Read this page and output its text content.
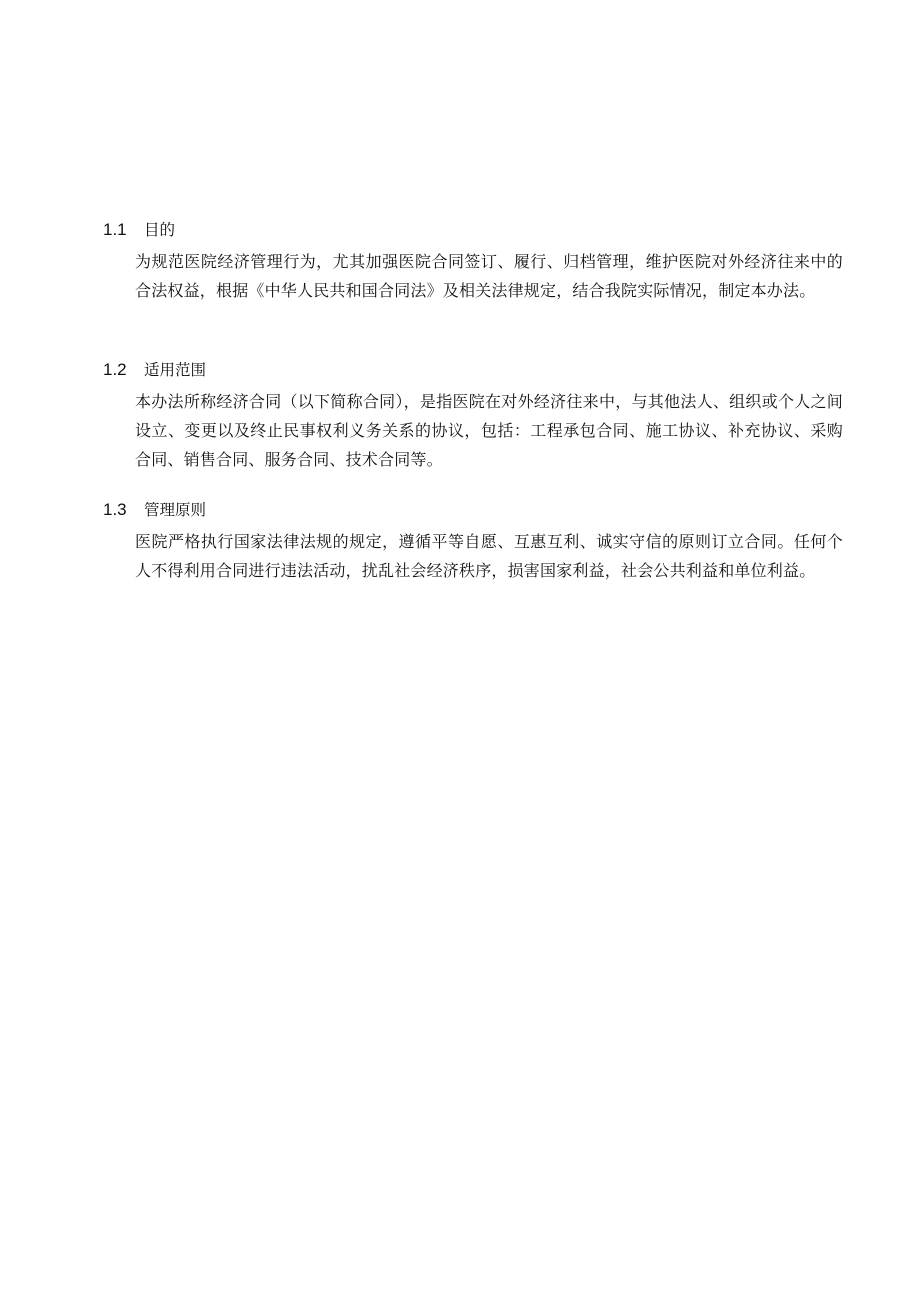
1.1	目的
为规范医院经济管理行为，尤其加强医院合同签订、履行、归档管理，维护医院对外经济往来中的合法权益，根据《中华人民共和国合同法》及相关法律规定，结合我院实际情况，制定本办法。
1.2	适用范围
本办法所称经济合同（以下简称合同），是指医院在对外经济往来中，与其他法人、组织或个人之间设立、变更以及终止民事权利义务关系的协议，包括：工程承包合同、施工协议、补充协议、采购合同、销售合同、服务合同、技术合同等。
1.3	管理原则
医院严格执行国家法律法规的规定，遵循平等自愿、互惠互利、诚实守信的原则订立合同。任何个人不得利用合同进行违法活动，扰乱社会经济秩序，损害国家利益，社会公共利益和单位利益。
